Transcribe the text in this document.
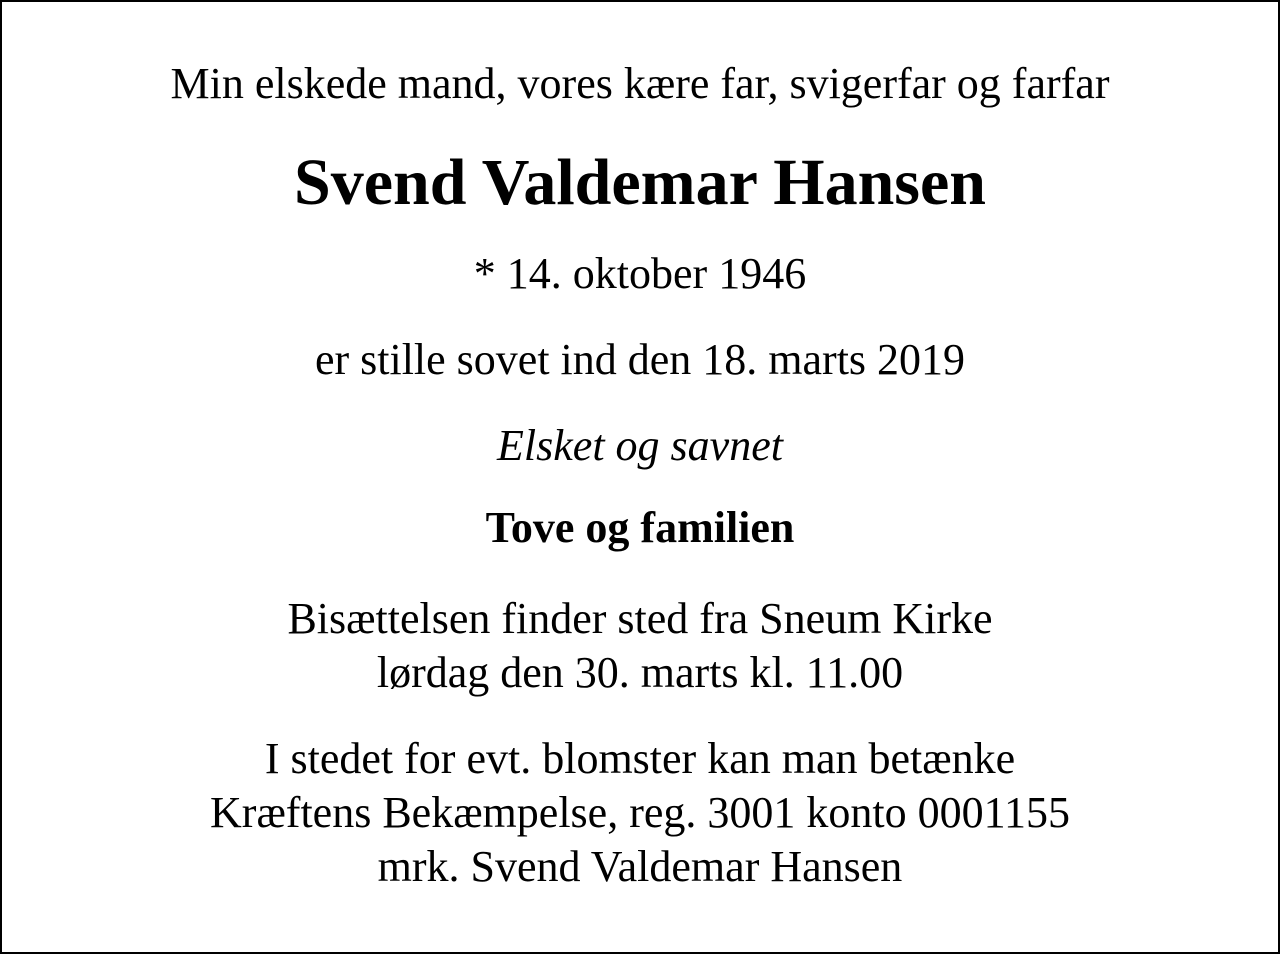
Min elskede mand, vores kære far, svigerfar og farfar
Svend Valdemar Hansen
* 14. oktober 1946
er stille sovet ind den 18. marts 2019
Elsket og savnet
Tove og familien
Bisættelsen finder sted fra Sneum Kirke
lørdag den 30. marts kl. 11.00
I stedet for evt. blomster kan man betænke
Kræftens Bekæmpelse, reg. 3001 konto 0001155
mrk. Svend Valdemar Hansen
